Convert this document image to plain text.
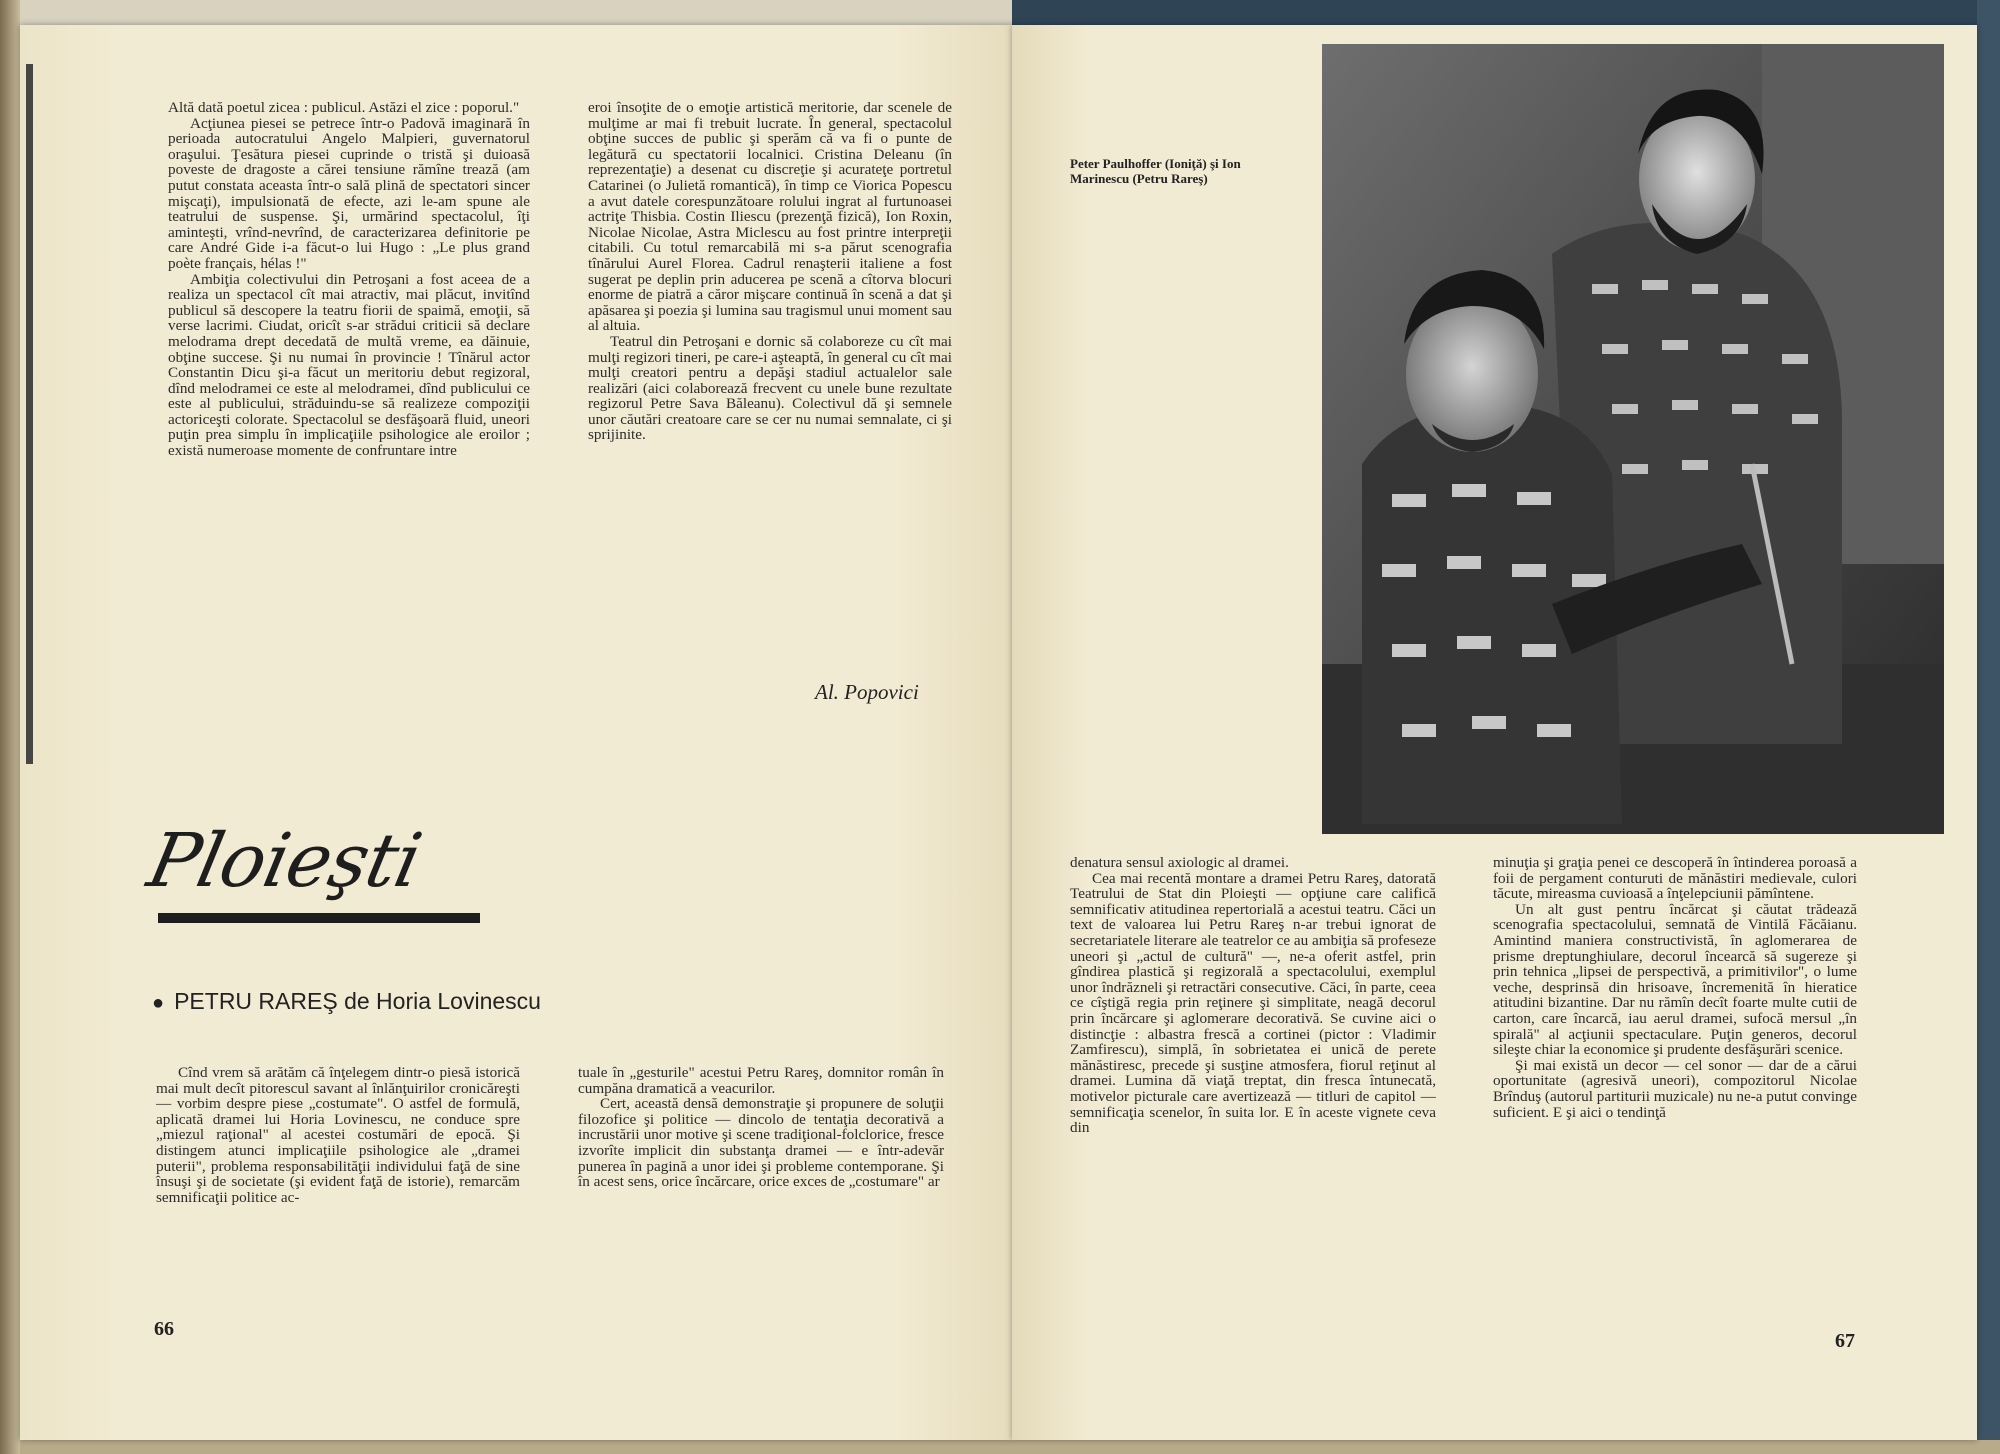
Altă dată poetul zicea : publicul. Astăzi el zice : poporul."

Acţiunea piesei se petrece într-o Padovă imaginară în perioada autocratului Angelo Malpieri, guvernatorul oraşului. Ţesătura piesei cuprinde o tristă şi duioasă poveste de dragoste a cărei tensiune rămîne trează (am putut constata aceasta într-o sală plină de spectatori sincer mişcaţi), impulsionată de efecte, azi le-am spune ale teatrului de suspense. Şi, urmărind spectacolul, îţi aminteşti, vrînd-nevrînd, de caracterizarea definitorie pe care André Gide i-a făcut-o lui Hugo : „Le plus grand poète français, hélas !"

Ambiţia colectivului din Petroşani a fost aceea de a realiza un spectacol cît mai atractiv, mai plăcut, invitînd publicul să descopere la teatru fiorii de spaimă, emoţii, să verse lacrimi. Ciudat, oricît s-ar strădui criticii să declare melodrama drept decedată de multă vreme, ea dăinuie, obţine succese. Şi nu numai în provincie ! Tînărul actor Constantin Dicu şi-a făcut un meritoriu debut regizoral, dînd melodramei ce este al melodramei, dînd publicului ce este al publicului, străduindu-se să realizeze compoziţii actoriceşti colorate. Spectacolul se desfăşoară fluid, uneori puţin prea simplu în implicaţiile psihologice ale eroilor ; există numeroase momente de confruntare intre

eroi însoţite de o emoţie artistică meritorie, dar scenele de mulţime ar mai fi trebuit lucrate. În general, spectacolul obţine succes de public şi sperăm că va fi o punte de legătură cu spectatorii localnici. Cristina Deleanu (în reprezentaţie) a desenat cu discreţie şi acurateţe portretul Catarinei (o Julietă romantică), în timp ce Viorica Popescu a avut datele corespunzătoare rolului ingrat al furtunoasei actriţe Thisbia. Costin Iliescu (prezenţă fizică), Ion Roxin, Nicolae Nicolae, Astra Miclescu au fost printre interpreţii citabili. Cu totul remarcabilă mi s-a părut scenografia tînărului Aurel Florea. Cadrul renaşterii italiene a fost sugerat pe deplin prin aducerea pe scenă a cîtorva blocuri enorme de piatră a căror mişcare continuă în scenă a dat şi apăsarea şi poezia şi lumina sau tragismul unui moment sau al altuia.

Teatrul din Petroşani e dornic să colaboreze cu cît mai mulţi regizori tineri, pe care-i aşteaptă, în general cu cît mai mulţi creatori pentru a depăşi stadiul actualelor sale realizări (aici colaborează frecvent cu unele bune rezultate regizorul Petre Sava Băleanu). Colectivul dă şi semnele unor căutări creatoare care se cer nu numai semnalate, ci şi sprijinite.

Al. Popovici
Ploieşti
● PETRU RAREŞ de Horia Lovinescu

Cînd vrem să arătăm că înţelegem dintr-o piesă istorică mai mult decît pitorescul savant al înlănţuirilor cronicăreşti — vorbim despre piese „costumate". O astfel de formulă, aplicată dramei lui Horia Lovinescu, ne conduce spre „miezul raţional" al acestei costumări de epocă. Şi distingem atunci implicaţiile psihologice ale „dramei puterii", problema responsabilităţii individului faţă de sine însuşi şi de societate (şi evident faţă de istorie), remarcăm semnificaţii politice ac-

tuale în „gesturile" acestui Petru Rareş, domnitor român în cumpăna dramatică a veacurilor.

Cert, această densă demonstraţie şi propunere de soluţii filozofice şi politice — dincolo de tentaţia decorativă a incrustării unor motive şi scene tradiţional-folclorice, fresce izvorîte implicit din substanţa dramei — e într-adevăr punerea în pagină a unor idei şi probleme contemporane. Şi în acest sens, orice încărcare, orice exces de „costumare" ar

66
Peter Paulhoffer (Ioniţă) şi Ion Marinescu (Petru Rareş)

denatura sensul axiologic al dramei.

Cea mai recentă montare a dramei Petru Rareş, datorată Teatrului de Stat din Ploieşti — opţiune care califică semnificativ atitudinea repertorială a acestui teatru. Căci un text de valoarea lui Petru Rareş n-ar trebui ignorat de secretariatele literare ale teatrelor ce au ambiţia să profeseze uneori şi „actul de cultură" —, ne-a oferit astfel, prin gîndirea plastică şi regizorală a spectacolului, exemplul unor îndrăzneli şi retractări consecutive. Căci, în parte, ceea ce cîştigă regia prin reţinere şi simplitate, neagă decorul prin încărcare şi aglomerare decorativă. Se cuvine aici o distincţie : albastra frescă a cortinei (pictor : Vladimir Zamfirescu), simplă, în sobrietatea ei unică de perete mănăstiresc, precede şi susţine atmosfera, fiorul reţinut al dramei. Lumina dă viaţă treptat, din fresca întunecată, motivelor picturale care avertizează — titluri de capitol — semnificaţia scenelor, în suita lor. E în aceste vignete ceva din

minuţia şi graţia penei ce descoperă în întinderea poroasă a foii de pergament conturuti de mănăstiri medievale, culori tăcute, mireasma cuvioasă a înţelepciunii pămîntene.

Un alt gust pentru încărcat şi căutat trădează scenografia spectacolului, semnată de Vintilă Făcăianu. Amintind maniera constructivistă, în aglomerarea de prisme dreptunghiulare, decorul încearcă să sugereze şi prin tehnica „lipsei de perspectivă, a primitivilor", o lume veche, desprinsă din hrisoave, încremenită în hieratice atitudini bizantine. Dar nu rămîn decît foarte multe cutii de carton, care încarcă, iau aerul dramei, sufocă mersul „în spirală" al acţiunii spectaculare. Puţin generos, decorul sileşte chiar la economice şi prudente desfăşurări scenice.

Şi mai există un decor — cel sonor — dar de a cărui oportunitate (agresivă uneori), compozitorul Nicolae Brînduş (autorul partiturii muzicale) nu ne-a putut convinge suficient. E şi aici o tendinţă

67
